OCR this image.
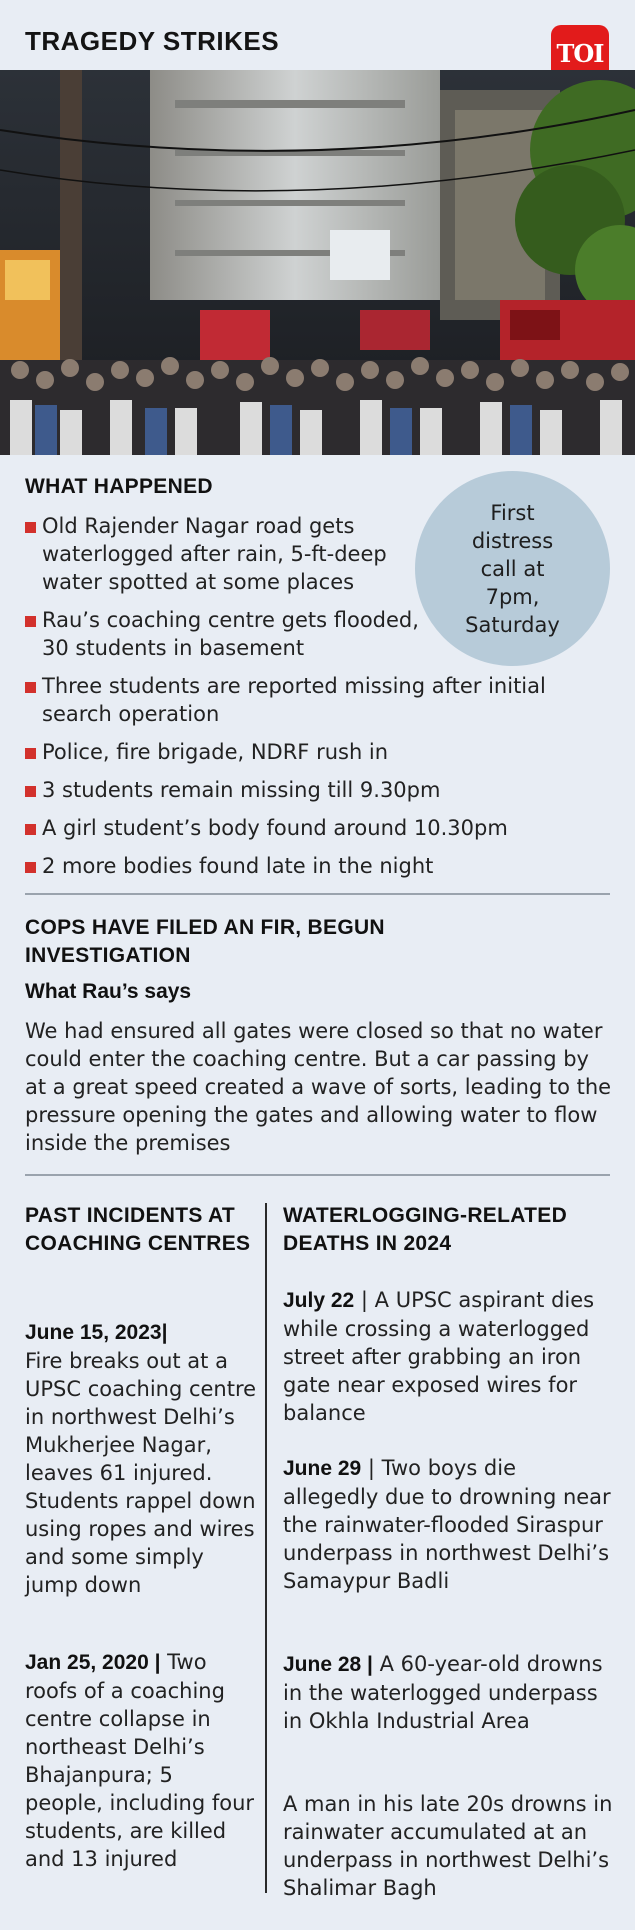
TRAGEDY STRIKES	TOI
WHAT HAPPENED
First distress call at 7pm, Saturday
Old Rajender Nagar road gets waterlogged after rain, 5-ft-deep water spotted at some places
Rau’s coaching centre gets flooded, 30 students in basement
Three students are reported missing after initial search operation
Police, fire brigade, NDRF rush in
3 students remain missing till 9.30pm
A girl student’s body found around 10.30pm
2 more bodies found late in the night
COPS HAVE FILED AN FIR, BEGUN INVESTIGATION
What Rau’s says
We had ensured all gates were closed so that no water could enter the coaching centre. But a car passing by at a great speed created a wave of sorts, leading to the pressure opening the gates and allowing water to flow inside the premises
PAST INCIDENTS AT COACHING CENTRES
June 15, 2023|
Fire breaks out at a UPSC coaching centre in northwest Delhi’s Mukherjee Nagar, leaves 61 injured. Students rappel down using ropes and wires and some simply jump down
Jan 25, 2020 | Two roofs of a coaching centre collapse in northeast Delhi’s Bhajanpura; 5 people, including four students, are killed and 13 injured
WATERLOGGING-RELATED DEATHS IN 2024
July 22 | A UPSC aspirant dies while crossing a waterlogged street after grabbing an iron gate near exposed wires for balance
June 29 | Two boys die allegedly due to drowning near the rainwater-flooded Siraspur underpass in northwest Delhi’s Samaypur Badli
June 28 | A 60-year-old drowns in the waterlogged underpass in Okhla Industrial Area
A man in his late 20s drowns in rainwater accumulated at an underpass in northwest Delhi’s Shalimar Bagh
